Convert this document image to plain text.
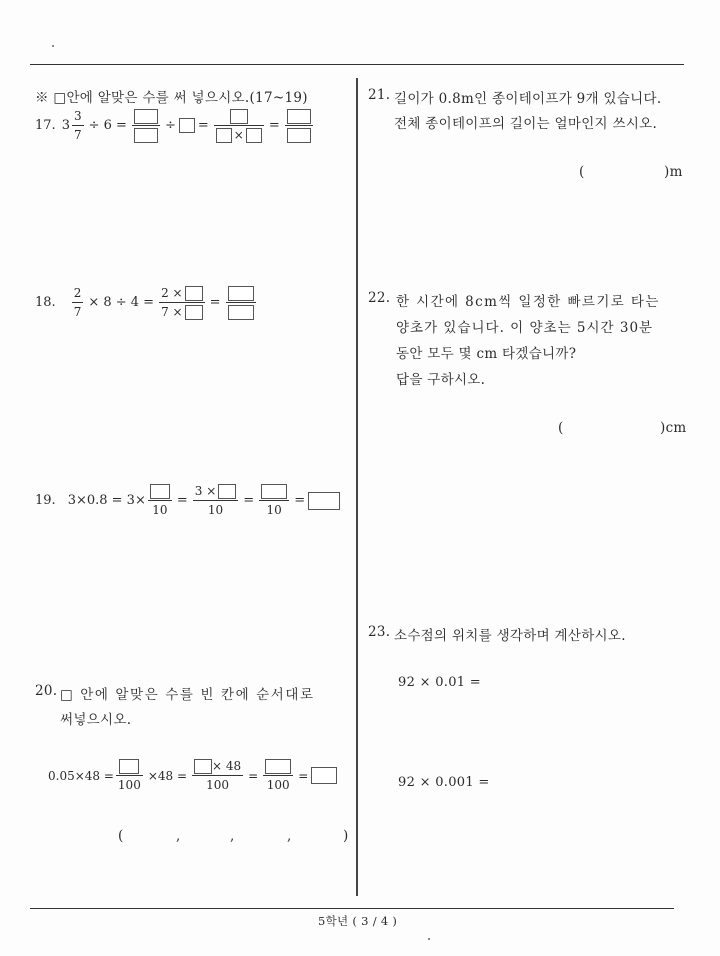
※ □안에 알맞은 수를 써 넣으시오.(17~19)
17. $3 \frac{3}{7} \div 6$ =	÷ =
×
=
18. $\frac{2}{7} \times 8 \div 4 = \frac{2 \times}{7 \times}$ =
19. 3×0.8 = 3×
10
= $\frac{3 \times}{10}$ =
10
=
20. □ 안에 알맞은 수를 빈 칸에 순서대로
써넣으시오.
0.05×48 =
100
$\times 48 = \frac{\times 48}{100}$ =
100
=
(	,	,	,	)
21. 길이가 0.8m인 종이테이프가 9개 있습니다.
전체 종이테이프의 길이는 얼마인지 쓰시오.
(	)m
22. 한 시간에 8cm씩 일정한 빠르기로 타는
양초가 있습니다. 이 양초는 5시간 30분
동안 모두 몇 cm 타겠습니까?
답을 구하시오.
(	)cm
23. 소수점의 위치를 생각하며 계산하시오.
92 × 0.01 =
92 × 0.001 =
5학년 ( 3 / 4 )
